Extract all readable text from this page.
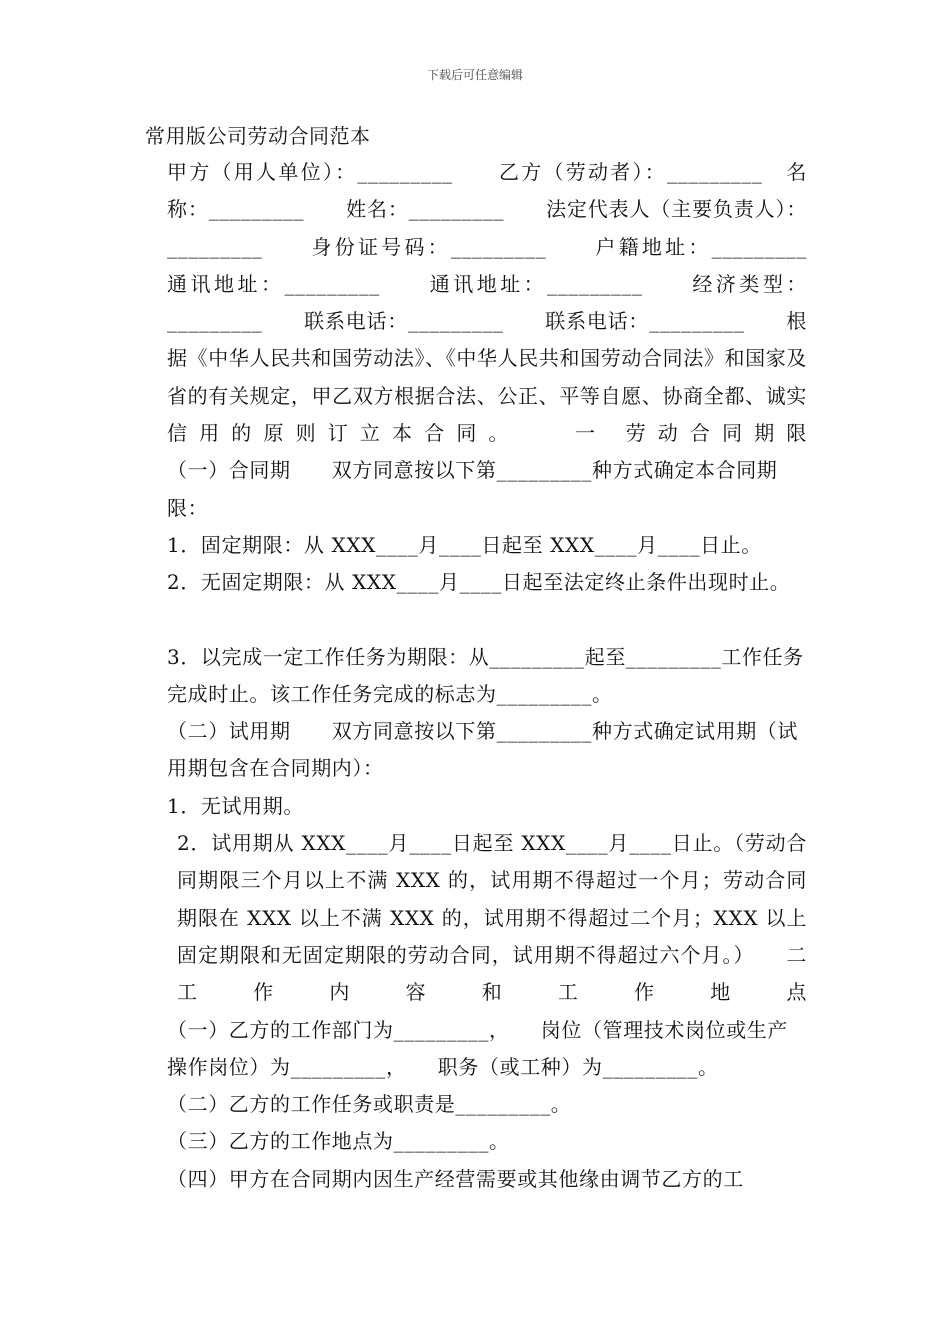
下载后可任意编辑
常用版公司劳动合同范本

甲方（用人单位）：_________　　乙方（劳动者）：_________　名称：_________　　姓名：_________　　法定代表人（主要负责人）：_________　　身份证号码：_________　　户籍地址：_________　　通讯地址：_________　　通讯地址：_________　　经济类型：_________　　联系电话：_________　　联系电话：_________　　根据《中华人民共和国劳动法》、《中华人民共和国劳动合同法》和国家及省的有关规定，甲乙双方根据合法、公正、平等自愿、协商全都、诚实信用的原则订立本合同。　　一 劳动合同期限

（一）合同期　　双方同意按以下第_________种方式确定本合同期限：

1．固定期限：从 XXX____月____日起至 XXX____月____日止。

2．无固定期限：从 XXX____月____日起至法定终止条件出现时止。

3．以完成一定工作任务为期限：从_________起至_________工作任务完成时止。该工作任务完成的标志为_________。

（二）试用期　　双方同意按以下第_________种方式确定试用期（试用期包含在合同期内）：

1．无试用期。

2．试用期从 XXX____月____日起至 XXX____月____日止。（劳动合同期限三个月以上不满 XXX 的，试用期不得超过一个月；劳动合同期限在 XXX 以上不满 XXX 的，试用期不得超过二个月；XXX 以上固定期限和无固定期限的劳动合同，试用期不得超过六个月。）　　二 工作内容和工作地点

（一）乙方的工作部门为_________，　　岗位（管理技术岗位或生产操作岗位）为_________，　　职务（或工种）为_________。

（二）乙方的工作任务或职责是_________。

（三）乙方的工作地点为_________。

（四）甲方在合同期内因生产经营需要或其他缘由调节乙方的工
